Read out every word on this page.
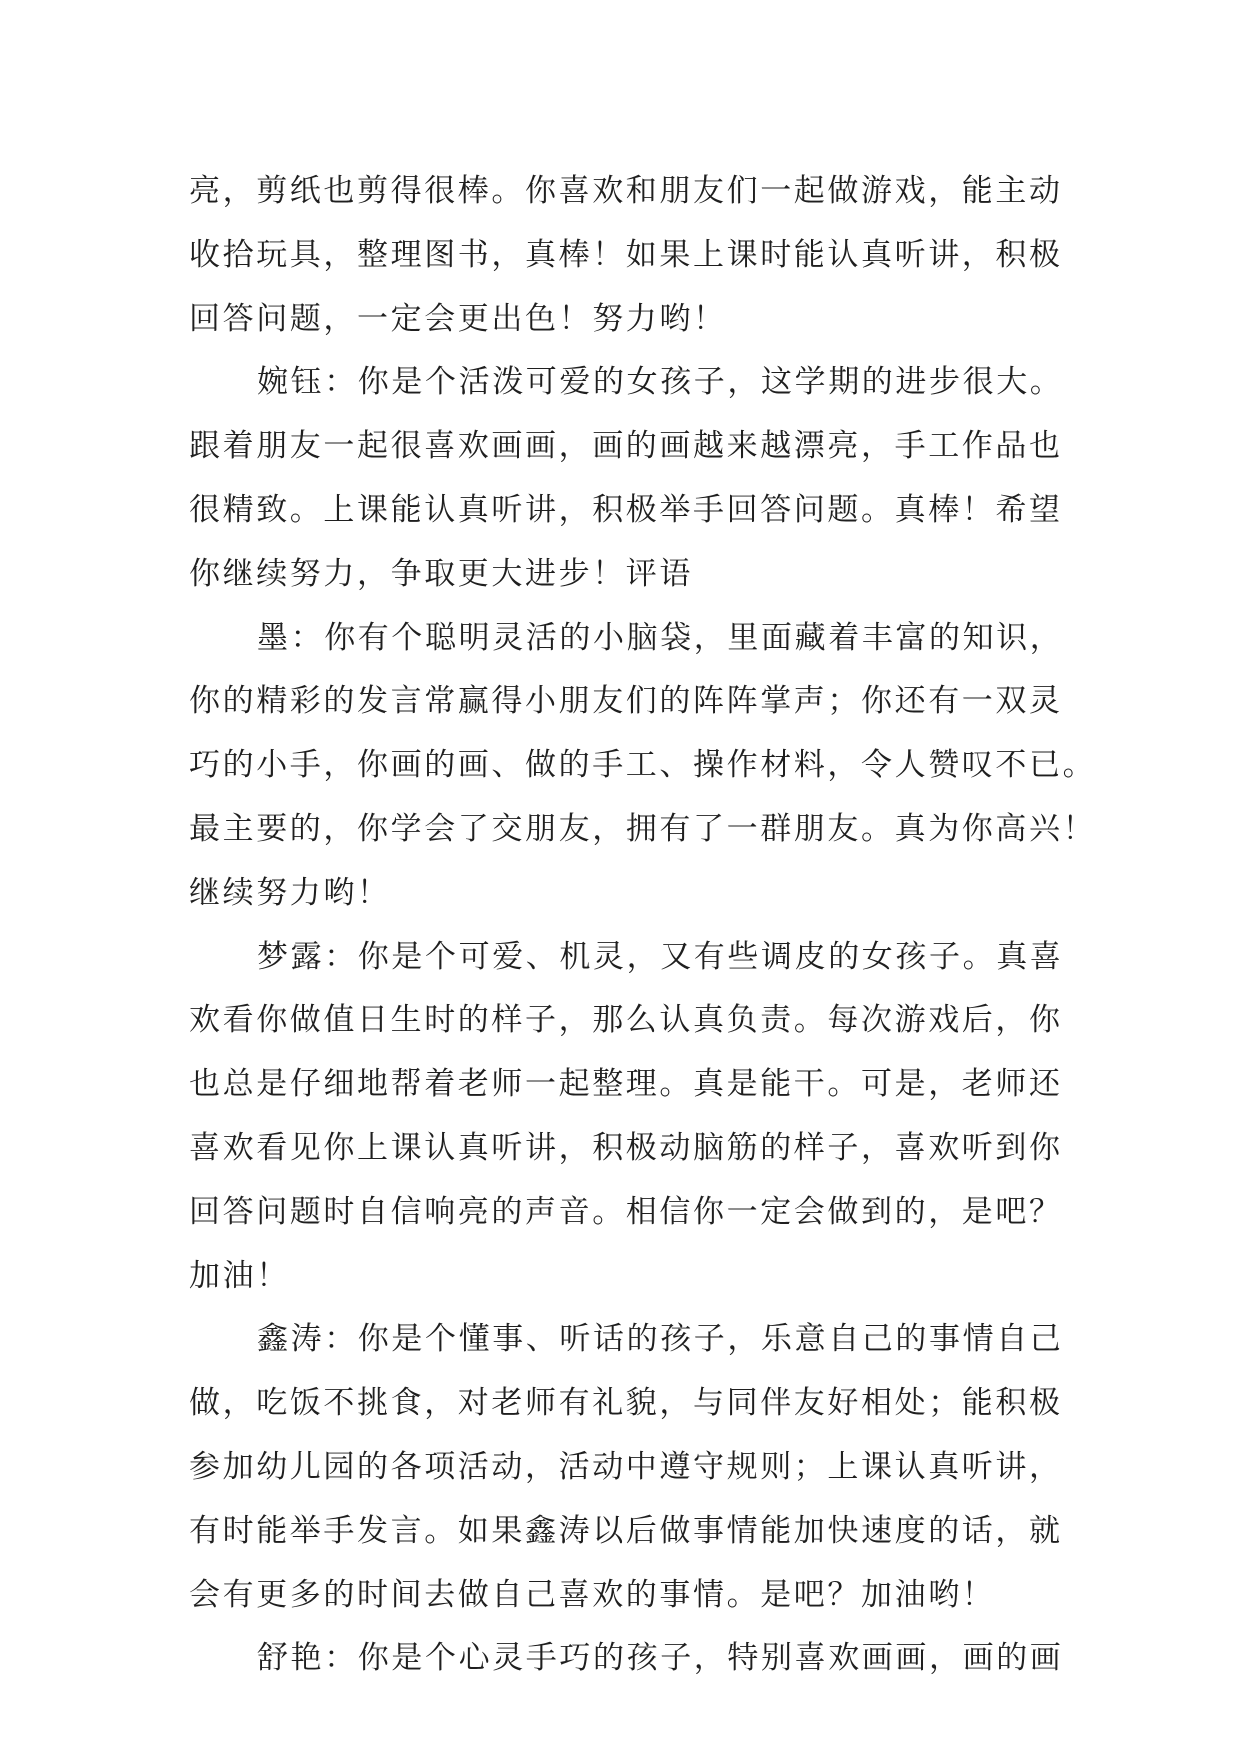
亮，剪纸也剪得很棒。你喜欢和朋友们一起做游戏，能主动
收拾玩具，整理图书，真棒！如果上课时能认真听讲，积极
回答问题，一定会更出色！努力哟！
婉钰：你是个活泼可爱的女孩子，这学期的进步很大。
跟着朋友一起很喜欢画画，画的画越来越漂亮，手工作品也
很精致。上课能认真听讲，积极举手回答问题。真棒！希望
你继续努力，争取更大进步！评语
墨：你有个聪明灵活的小脑袋，里面藏着丰富的知识，
你的精彩的发言常赢得小朋友们的阵阵掌声；你还有一双灵
巧的小手，你画的画、做的手工、操作材料，令人赞叹不已。
最主要的，你学会了交朋友，拥有了一群朋友。真为你高兴！
继续努力哟！
梦露：你是个可爱、机灵，又有些调皮的女孩子。真喜
欢看你做值日生时的样子，那么认真负责。每次游戏后，你
也总是仔细地帮着老师一起整理。真是能干。可是，老师还
喜欢看见你上课认真听讲，积极动脑筋的样子，喜欢听到你
回答问题时自信响亮的声音。相信你一定会做到的，是吧？
加油！
鑫涛：你是个懂事、听话的孩子，乐意自己的事情自己
做，吃饭不挑食，对老师有礼貌，与同伴友好相处；能积极
参加幼儿园的各项活动，活动中遵守规则；上课认真听讲，
有时能举手发言。如果鑫涛以后做事情能加快速度的话，就
会有更多的时间去做自己喜欢的事情。是吧？加油哟！
舒艳：你是个心灵手巧的孩子，特别喜欢画画，画的画
